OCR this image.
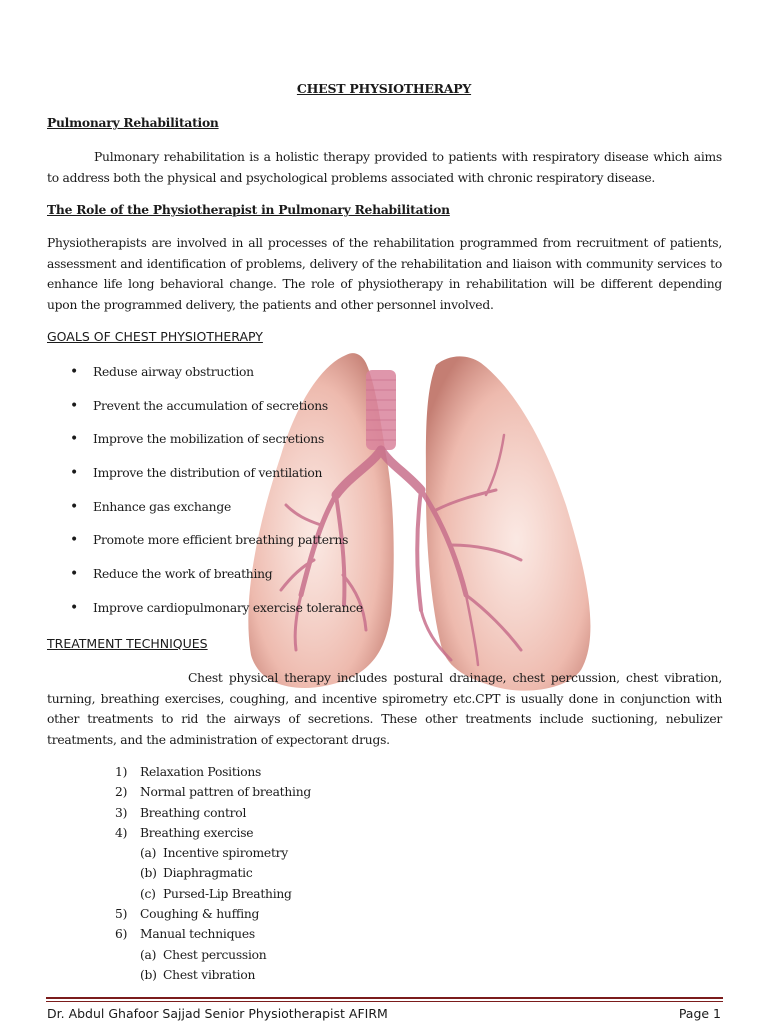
CHEST PHYSIOTHERAPY
Pulmonary Rehabilitation
Pulmonary rehabilitation is a holistic therapy provided to patients with respiratory disease which aims to address both the physical and psychological problems associated with chronic respiratory disease.
The Role of the Physiotherapist in Pulmonary Rehabilitation
Physiotherapists are involved in all processes of the rehabilitation programmed from recruitment of patients, assessment and identification of problems, delivery of the rehabilitation and liaison with community services to enhance life long behavioral change. The role of physiotherapy in rehabilitation will be different depending upon the programmed delivery, the patients and other personnel involved.
GOALS OF CHEST PHYSIOTHERAPY
• Reduse airway obstruction
• Prevent the accumulation of secretions
• Improve the mobilization of secretions
• Improve the distribution of ventilation
• Enhance gas exchange
• Promote more efficient breathing patterns
• Reduce the work of breathing
• Improve cardiopulmonary exercise tolerance
TREATMENT TECHNIQUES
Chest physical therapy includes postural drainage, chest percussion, chest vibration, turning, breathing exercises, coughing, and incentive spirometry etc.CPT is usually done in conjunction with other treatments to rid the airways of secretions. These other treatments include suctioning, nebulizer treatments, and the administration of expectorant drugs.
1) Relaxation Positions
2) Normal pattren of breathing
3) Breathing control
4) Breathing exercise
(a) Incentive spirometry
(b) Diaphragmatic
(c) Pursed-Lip Breathing
5) Coughing & huffing
6) Manual techniques
(a) Chest percussion
(b) Chest vibration
Dr. Abdul Ghafoor Sajjad Senior Physiotherapist AFIRM	Page 1
